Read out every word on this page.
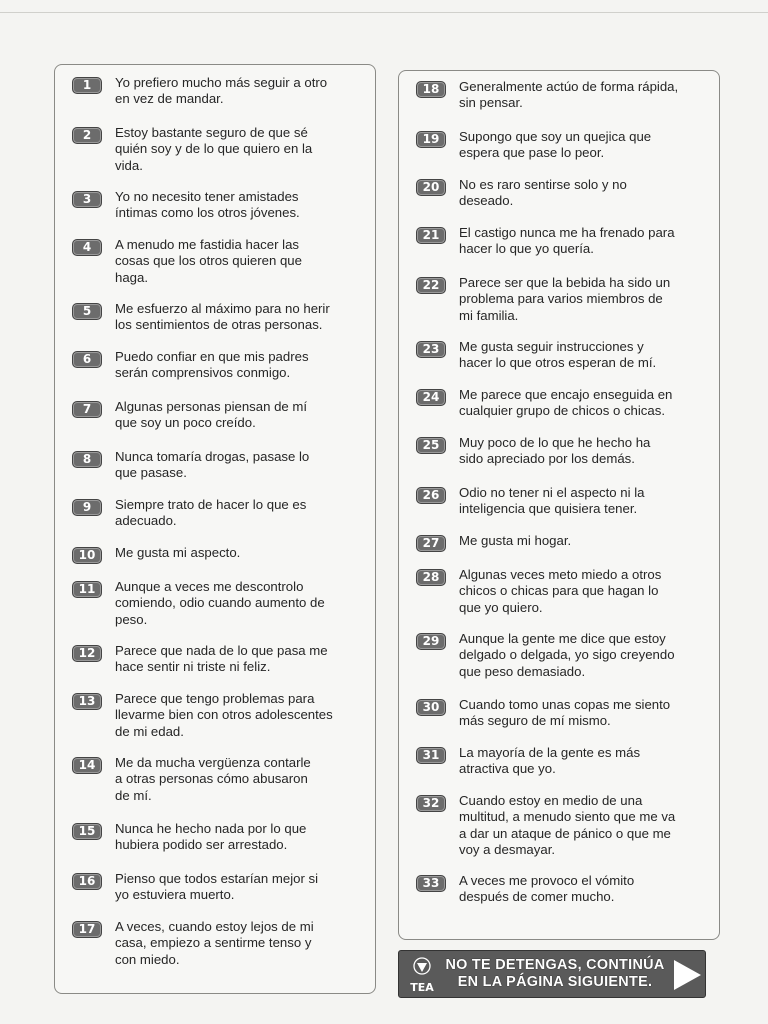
1	Yo prefiero mucho más seguir a otro
en vez de mandar.
2	Estoy bastante seguro de que sé
quién soy y de lo que quiero en la
vida.
3	Yo no necesito tener amistades
íntimas como los otros jóvenes.
4	A menudo me fastidia hacer las
cosas que los otros quieren que
haga.
5	Me esfuerzo al máximo para no herir
los sentimientos de otras personas.
6	Puedo confiar en que mis padres
serán comprensivos conmigo.
7	Algunas personas piensan de mí
que soy un poco creído.
8	Nunca tomaría drogas, pasase lo
que pasase.
9	Siempre trato de hacer lo que es
adecuado.
10	Me gusta mi aspecto.
11	Aunque a veces me descontrolo
comiendo, odio cuando aumento de
peso.
12	Parece que nada de lo que pasa me
hace sentir ni triste ni feliz.
13	Parece que tengo problemas para
llevarme bien con otros adolescentes
de mi edad.
14	Me da mucha vergüenza contarle
a otras personas cómo abusaron
de mí.
15	Nunca he hecho nada por lo que
hubiera podido ser arrestado.
16	Pienso que todos estarían mejor si
yo estuviera muerto.
17	A veces, cuando estoy lejos de mi
casa, empiezo a sentirme tenso y
con miedo.
18	Generalmente actúo de forma rápida,
sin pensar.
19	Supongo que soy un quejica que
espera que pase lo peor.
20	No es raro sentirse solo y no
deseado.
21	El castigo nunca me ha frenado para
hacer lo que yo quería.
22	Parece ser que la bebida ha sido un
problema para varios miembros de
mi familia.
23	Me gusta seguir instrucciones y
hacer lo que otros esperan de mí.
24	Me parece que encajo enseguida en
cualquier grupo de chicos o chicas.
25	Muy poco de lo que he hecho ha
sido apreciado por los demás.
26	Odio no tener ni el aspecto ni la
inteligencia que quisiera tener.
27	Me gusta mi hogar.
28	Algunas veces meto miedo a otros
chicos o chicas para que hagan lo
que yo quiero.
29	Aunque la gente me dice que estoy
delgado o delgada, yo sigo creyendo
que peso demasiado.
30	Cuando tomo unas copas me siento
más seguro de mí mismo.
31	La mayoría de la gente es más
atractiva que yo.
32	Cuando estoy en medio de una
multitud, a menudo siento que me va
a dar un ataque de pánico o que me
voy a desmayar.
33	A veces me provoco el vómito
después de comer mucho.
TEA
NO TE DETENGAS, CONTINÚA
EN LA PÁGINA SIGUIENTE.
